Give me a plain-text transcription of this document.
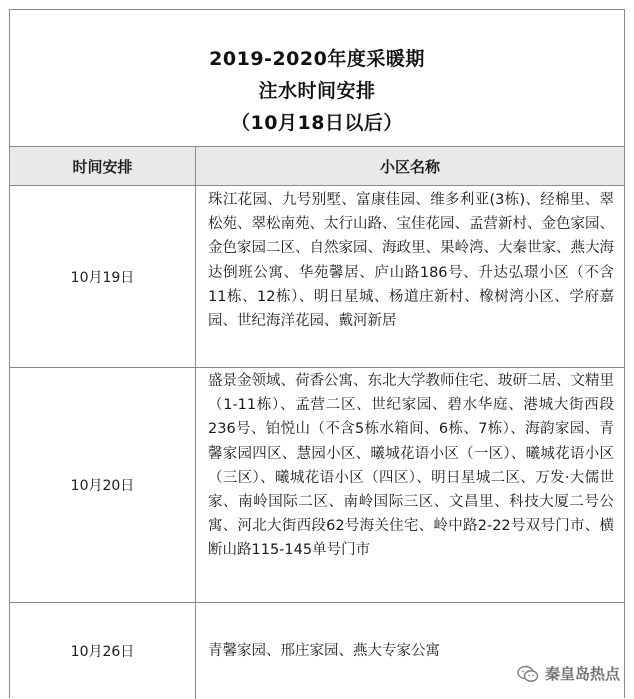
2019-2020年度采暖期
注水时间安排
（10月18日以后）
时间安排	小区名称
10月19日
珠江花园、九号别墅、富康佳园、维多利亚(3栋)、经棉里、翠松苑、翠松南苑、太行山路、宝佳花园、孟营新村、金色家园、金色家园二区、自然家园、海政里、果岭湾、大秦世家、燕大海达倒班公寓、华苑馨居、庐山路186号、升达弘璟小区（不含11栋、12栋）、明日星城、杨道庄新村、橡树湾小区、学府嘉园、世纪海洋花园、戴河新居
10月20日
盛景金领域、荷香公寓、东北大学教师住宅、玻研二居、文精里（1-11栋）、孟营二区、世纪家园、碧水华庭、港城大街西段236号、铂悦山（不含5栋水箱间、6栋、7栋）、海韵家园、青馨家园四区、慧园小区、曦城花语小区（一区）、曦城花语小区（三区）、曦城花语小区（四区）、明日星城二区、万发·大儒世家、南岭国际二区、南岭国际三区、文昌里、科技大厦二号公寓、河北大街西段62号海关住宅、岭中路2-22号双号门市、横断山路115-145单号门市
10月26日	青馨家园、邢庄家园、燕大专家公寓
秦皇岛热点
